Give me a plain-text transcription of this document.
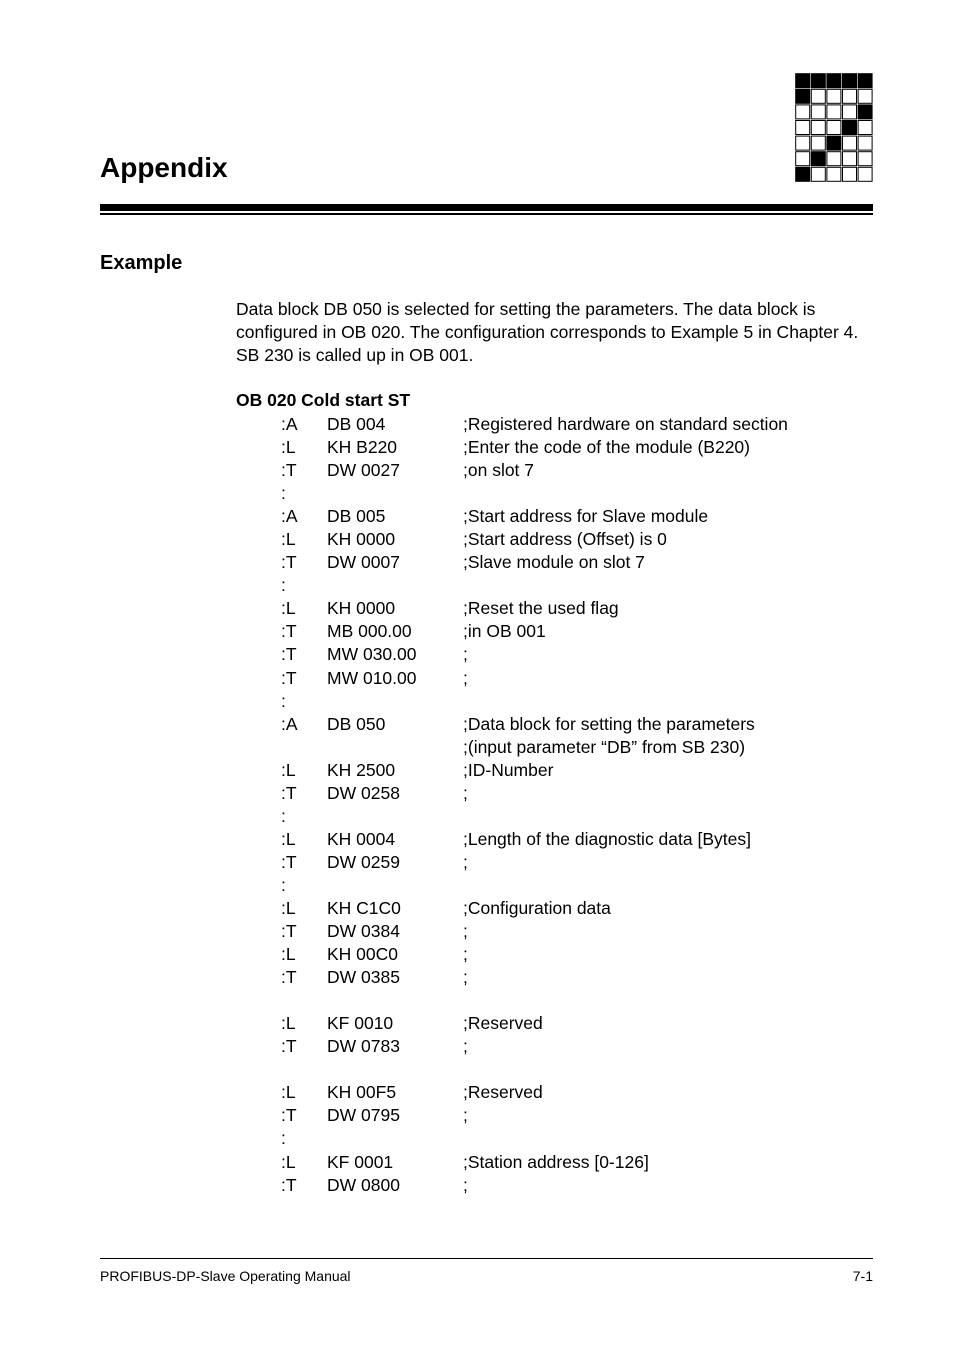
Appendix
Example

Data block DB 050 is selected for setting the parameters. The data block is configured in OB 020. The configuration corresponds to Example 5 in Chapter 4. SB 230 is called up in OB 001.

OB 020 Cold start ST
:A DB 004	;Registered hardware on standard section
:L KH B220	;Enter the code of the module (B220)
:T DW 0027	;on slot 7
:
:A DB 005	;Start address for Slave module
:L KH 0000	;Start address (Offset) is 0
:T DW 0007	;Slave module on slot 7
:
:L KH 0000	;Reset the used flag
:T MB 000.00	;in OB 001
:T MW 030.00	;
:T MW 010.00	;
:
:A DB 050	;Data block for setting the parameters
;(input parameter “DB” from SB 230)
:L KH 2500	;ID-Number
:T DW 0258	;
:
:L KH 0004	;Length of the diagnostic data [Bytes]
:T DW 0259	;
:
:L KH C1C0	;Configuration data
:T DW 0384	;
:L KH 00C0	;
:T DW 0385	;
:L KF 0010	;Reserved
:T DW 0783	;
:L KH 00F5	;Reserved
:T DW 0795	;
:
:L KF 0001	;Station address [0-126]
:T DW 0800	;
PROFIBUS-DP-Slave Operating Manual	7-1
